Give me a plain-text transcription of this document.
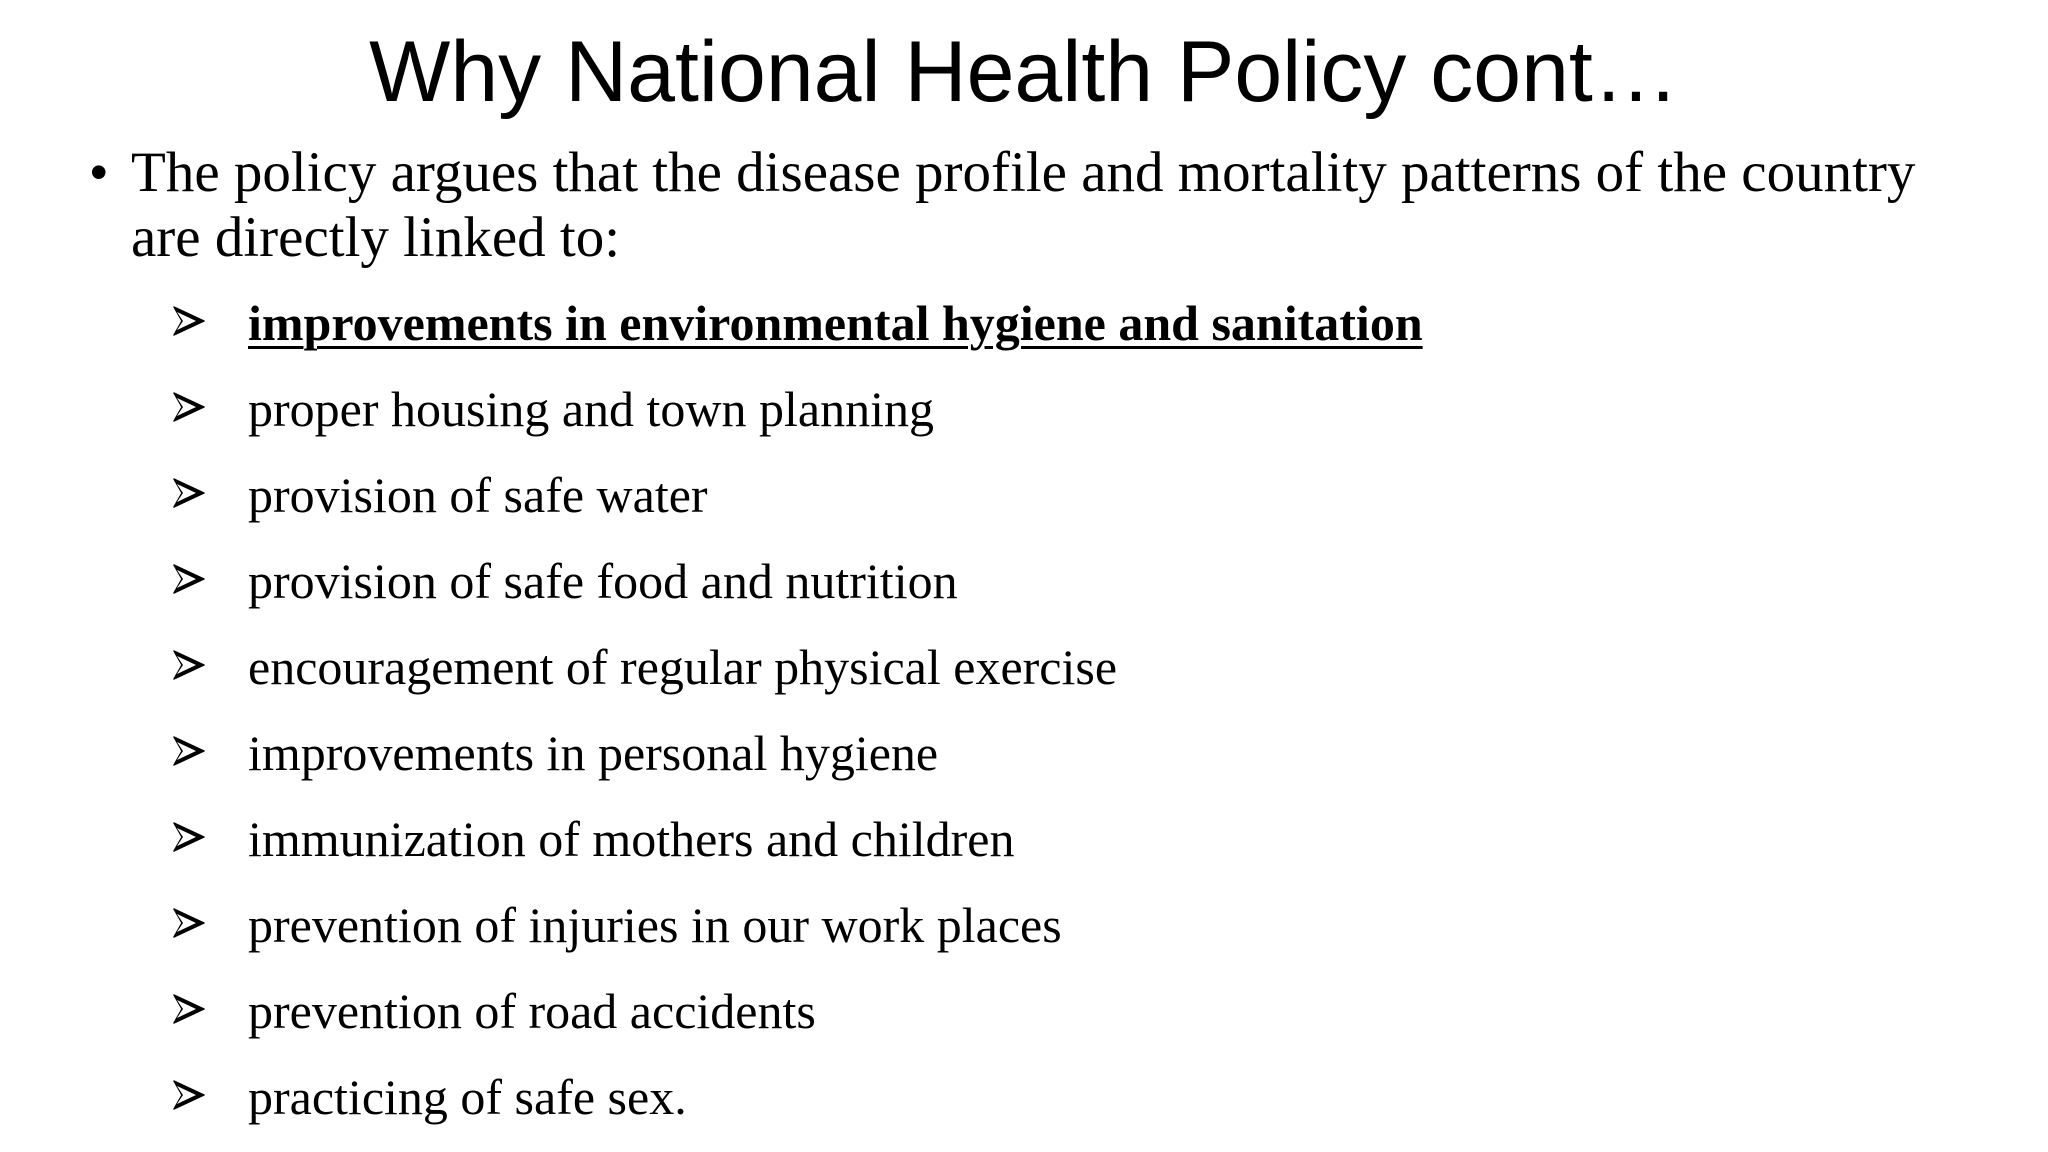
Why National Health Policy cont…
• The policy argues that the disease profile and mortality patterns of the country are directly linked to:
improvements in environmental hygiene and sanitation
proper housing and town planning
provision of safe water
provision of safe food and nutrition
encouragement of regular physical exercise
improvements in personal hygiene
immunization of mothers and children
prevention of injuries in our work places
prevention of road accidents
practicing of safe sex.
